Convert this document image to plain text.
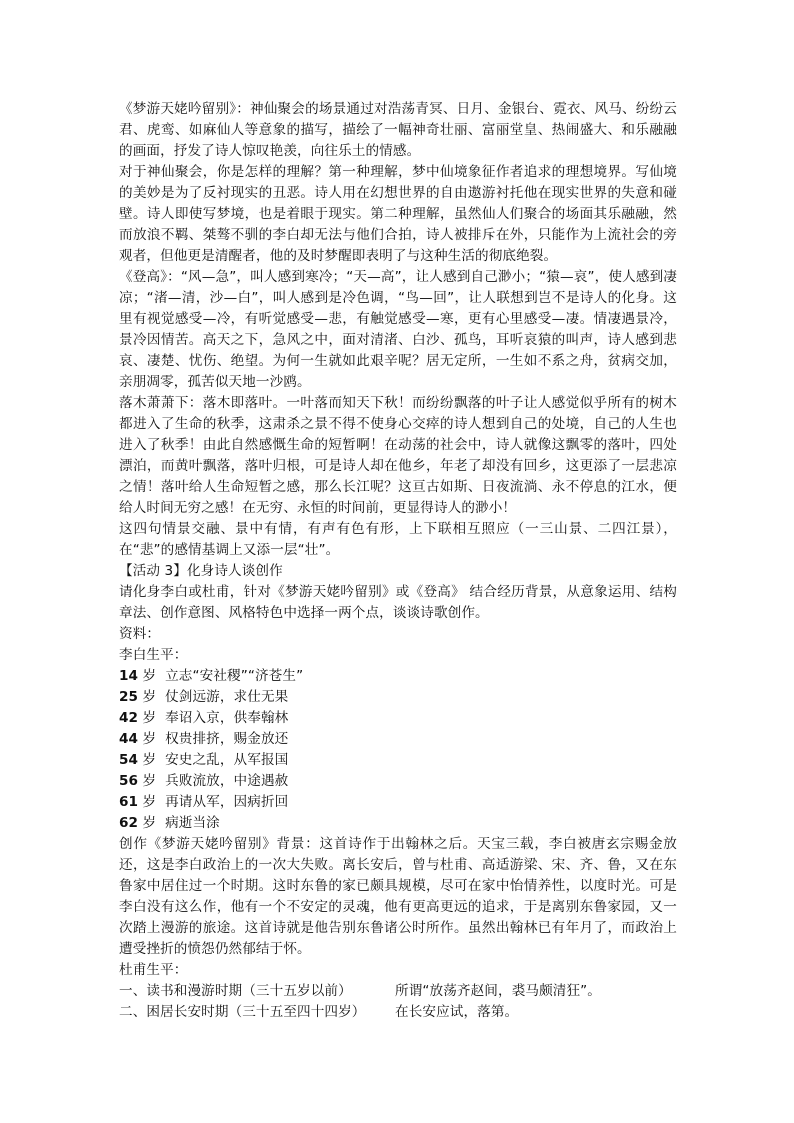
《梦游天姥吟留别》：神仙聚会的场景通过对浩荡青冥、日月、金银台、霓衣、风马、纷纷云君、虎鸾、如麻仙人等意象的描写，描绘了一幅神奇壮丽、富丽堂皇、热闹盛大、和乐融融的画面，抒发了诗人惊叹艳羡，向往乐土的情感。

对于神仙聚会，你是怎样的理解？第一种理解，梦中仙境象征作者追求的理想境界。写仙境的美妙是为了反衬现实的丑恶。诗人用在幻想世界的自由遨游衬托他在现实世界的失意和碰壁。诗人即使写梦境，也是着眼于现实。第二种理解，虽然仙人们聚合的场面其乐融融，然而放浪不羁、桀骜不驯的李白却无法与他们合拍，诗人被排斥在外，只能作为上流社会的旁观者，但他更是清醒者，他的及时梦醒即表明了与这种生活的彻底绝裂。

《登高》：“风—急”，叫人感到寒冷；“天—高”，让人感到自己渺小；“猿—哀”，使人感到凄凉；“渚—清，沙—白”，叫人感到是冷色调，“鸟—回”，让人联想到岂不是诗人的化身。这里有视觉感受—冷，有听觉感受—悲，有触觉感受—寒，更有心里感受—凄。情凄遇景冷，景冷因情苦。高天之下，急风之中，面对清渚、白沙、孤鸟，耳听哀猿的叫声，诗人感到悲哀、凄楚、忧伤、绝望。为何一生就如此艰辛呢？居无定所，一生如不系之舟，贫病交加，亲朋凋零，孤苦似天地一沙鸥。

落木萧萧下：落木即落叶。一叶落而知天下秋！而纷纷飘落的叶子让人感觉似乎所有的树木都进入了生命的秋季，这肃杀之景不得不使身心交瘁的诗人想到自己的处境，自己的人生也进入了秋季！由此自然感慨生命的短暂啊！在动荡的社会中，诗人就像这飘零的落叶，四处漂泊，而黄叶飘落，落叶归根，可是诗人却在他乡，年老了却没有回乡，这更添了一层悲凉之情！落叶给人生命短暂之感，那么长江呢？这亘古如斯、日夜流淌、永不停息的江水，便给人时间无穷之感！在无穷、永恒的时间前，更显得诗人的渺小！

这四句情景交融、景中有情，有声有色有形，上下联相互照应（一三山景、二四江景），在“悲”的感情基调上又添一层“壮”。

【活动 3】化身诗人谈创作

请化身李白或杜甫，针对《梦游天姥吟留别》或《登高》 结合经历背景，从意象运用、结构章法、创作意图、风格特色中选择一两个点，谈谈诗歌创作。

资料：

李白生平：

14 岁 立志“安社稷”“济苍生”

25 岁 仗剑远游，求仕无果

42 岁 奉诏入京，供奉翰林

44 岁 权贵排挤，赐金放还

54 岁 安史之乱，从军报国

56 岁 兵败流放，中途遇赦

61 岁 再请从军，因病折回

62 岁 病逝当涂

创作《梦游天姥吟留别》背景：这首诗作于出翰林之后。天宝三载，李白被唐玄宗赐金放还，这是李白政治上的一次大失败。离长安后，曾与杜甫、高适游梁、宋、齐、鲁，又在东鲁家中居住过一个时期。这时东鲁的家已颇具规模，尽可在家中怡情养性，以度时光。可是李白没有这么作，他有一个不安定的灵魂，他有更高更远的追求，于是离别东鲁家园，又一次踏上漫游的旅途。这首诗就是他告别东鲁诸公时所作。虽然出翰林已有年月了，而政治上遭受挫折的愤怨仍然郁结于怀。

杜甫生平：

一、读书和漫游时期（三十五岁以前）	所谓“放荡齐赵间，裘马颇清狂”。

二、困居长安时期（三十五至四十四岁）	在长安应试，落第。
